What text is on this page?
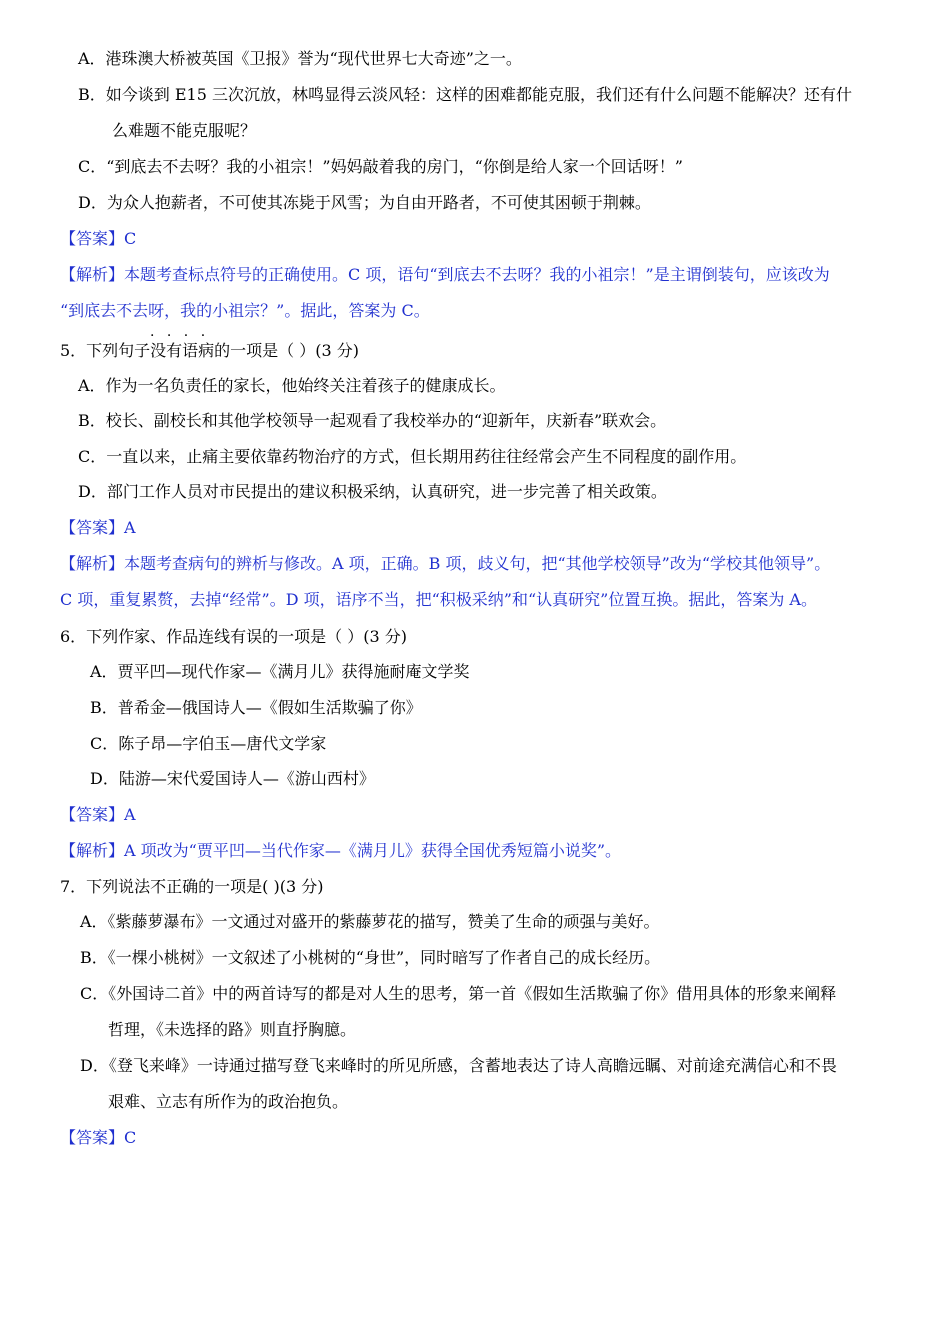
A．港珠澳大桥被英国《卫报》誉为“现代世界七大奇迹”之一。
B．如今谈到 E15 三次沉放，林鸣显得云淡风轻：这样的困难都能克服，我们还有什么问题不能解决？还有什
么难题不能克服呢？
C．“到底去不去呀？我的小祖宗！”妈妈敲着我的房门，“你倒是给人家一个回话呀！”
D．为众人抱薪者，不可使其冻毙于风雪；为自由开路者，不可使其困顿于荆棘。
【答案】C
【解析】本题考查标点符号的正确使用。C 项，语句“到底去不去呀？我的小祖宗！”是主谓倒装句，应该改为
“到底去不去呀，我的小祖宗？”。据此，答案为 C。
· · · ·
5．下列句子没有语病的一项是（ ）(3 分)
A．作为一名负责任的家长，他始终关注着孩子的健康成长。
B．校长、副校长和其他学校领导一起观看了我校举办的“迎新年，庆新春”联欢会。
C．一直以来，止痛主要依靠药物治疗的方式，但长期用药往往经常会产生不同程度的副作用。
D．部门工作人员对市民提出的建议积极采纳，认真研究，进一步完善了相关政策。
【答案】A
【解析】本题考查病句的辨析与修改。A 项，正确。B 项，歧义句，把“其他学校领导”改为“学校其他领导”。
C 项，重复累赘，去掉“经常”。D 项，语序不当，把“积极采纳”和“认真研究”位置互换。据此，答案为 A。
6．下列作家、作品连线有误的一项是（ ）(3 分)
A．贾平凹—现代作家—《满月儿》获得施耐庵文学奖
B．普希金—俄国诗人—《假如生活欺骗了你》
C．陈子昂—字伯玉—唐代文学家
D．陆游—宋代爱国诗人—《游山西村》
【答案】A
【解析】A 项改为“贾平凹—当代作家—《满月儿》获得全国优秀短篇小说奖”。
7．下列说法不正确的一项是( )(3 分)
A．《紫藤萝瀑布》一文通过对盛开的紫藤萝花的描写，赞美了生命的顽强与美好。
B．《一棵小桃树》一文叙述了小桃树的“身世”，同时暗写了作者自己的成长经历。
C．《外国诗二首》中的两首诗写的都是对人生的思考，第一首《假如生活欺骗了你》借用具体的形象来阐释
哲理，《未选择的路》则直抒胸臆。
D．《登飞来峰》一诗通过描写登飞来峰时的所见所感，含蓄地表达了诗人高瞻远瞩、对前途充满信心和不畏
艰难、立志有所作为的政治抱负。
【答案】C
